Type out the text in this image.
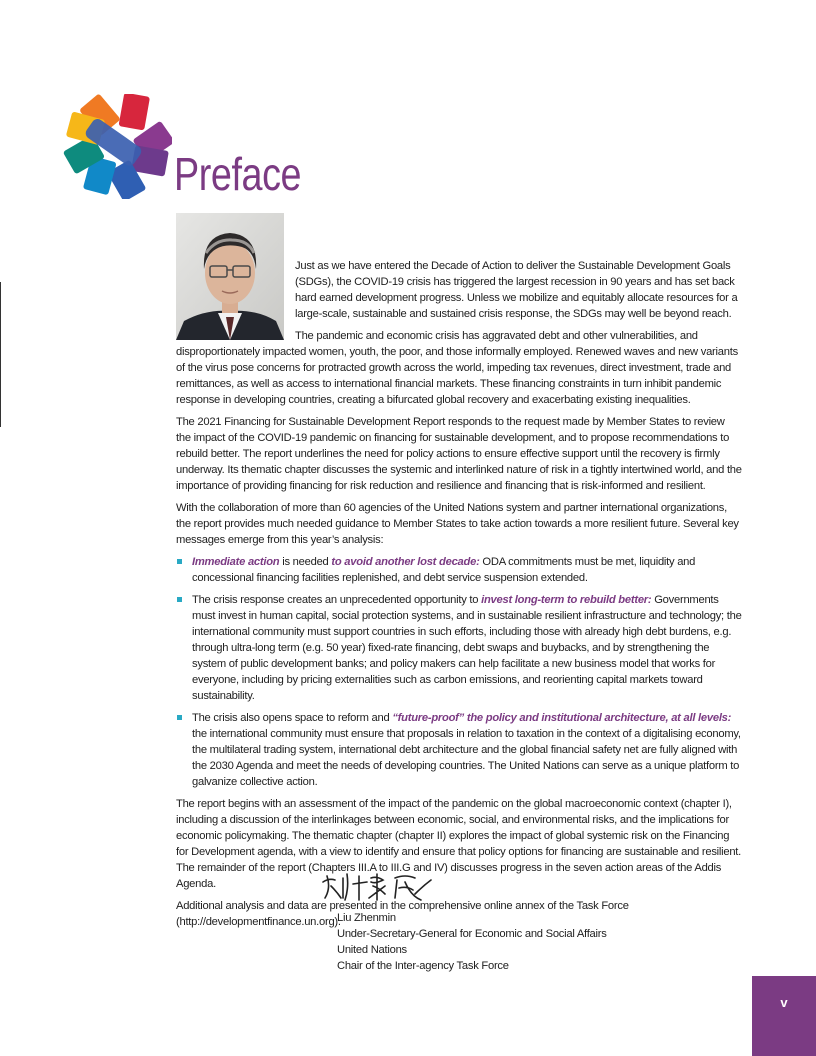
Preface

Just as we have entered the Decade of Action to deliver the Sustainable Development Goals (SDGs), the COVID-19 crisis has triggered the largest recession in 90 years and has set back hard earned development progress. Unless we mobilize and equitably allocate resources for a large-scale, sustainable and sustained crisis response, the SDGs may well be beyond reach.

The pandemic and economic crisis has aggravated debt and other vulnerabilities, and disproportionately impacted women, youth, the poor, and those informally employed. Renewed waves and new variants of the virus pose concerns for protracted growth across the world, impeding tax revenues, direct investment, trade and remittances, as well as access to international financial markets. These financing constraints in turn inhibit pandemic response in developing countries, creating a bifurcated global recovery and exacerbating existing inequalities.

The 2021 Financing for Sustainable Development Report responds to the request made by Member States to review the impact of the COVID-19 pandemic on financing for sustainable development, and to propose recommendations to rebuild better. The report underlines the need for policy actions to ensure effective support until the recovery is firmly underway. Its thematic chapter discusses the systemic and interlinked nature of risk in a tightly intertwined world, and the importance of providing financing for risk reduction and resilience and financing that is risk-informed and resilient.

With the collaboration of more than 60 agencies of the United Nations system and partner international organizations, the report provides much needed guidance to Member States to take action towards a more resilient future. Several key messages emerge from this year’s analysis:

Immediate action is needed to avoid another lost decade: ODA commitments must be met, liquidity and concessional financing facilities replenished, and debt service suspension extended.
The crisis response creates an unprecedented opportunity to invest long-term to rebuild better: Governments must invest in human capital, social protection systems, and in sustainable resilient infrastructure and technology; the international community must support countries in such efforts, including those with already high debt burdens, e.g. through ultra-long term (e.g. 50 year) fixed-rate financing, debt swaps and buybacks, and by strengthening the system of public development banks; and policy makers can help facilitate a new business model that works for everyone, including by pricing externalities such as carbon emissions, and reorienting capital markets toward sustainability.
The crisis also opens space to reform and “future-proof” the policy and institutional architecture, at all levels: the international community must ensure that proposals in relation to taxation in the context of a digitalising economy, the multilateral trading system, international debt architecture and the global financial safety net are fully aligned with the 2030 Agenda and meet the needs of developing countries. The United Nations can serve as a unique platform to galvanize collective action.

The report begins with an assessment of the impact of the pandemic on the global macroeconomic context (chapter I), including a discussion of the interlinkages between economic, social, and environmental risks, and the implications for economic policymaking. The thematic chapter (chapter II) explores the impact of global systemic risk on the Financing for Development agenda, with a view to identify and ensure that policy options for financing are sustainable and resilient. The remainder of the report (Chapters III.A to III.G and IV) discusses progress in the seven action areas of the Addis Agenda.

Additional analysis and data are presented in the comprehensive online annex of the Task Force (http://developmentfinance.un.org).

Liu Zhenmin
Under-Secretary-General for Economic and Social Affairs
United Nations
Chair of the Inter-agency Task Force
v
